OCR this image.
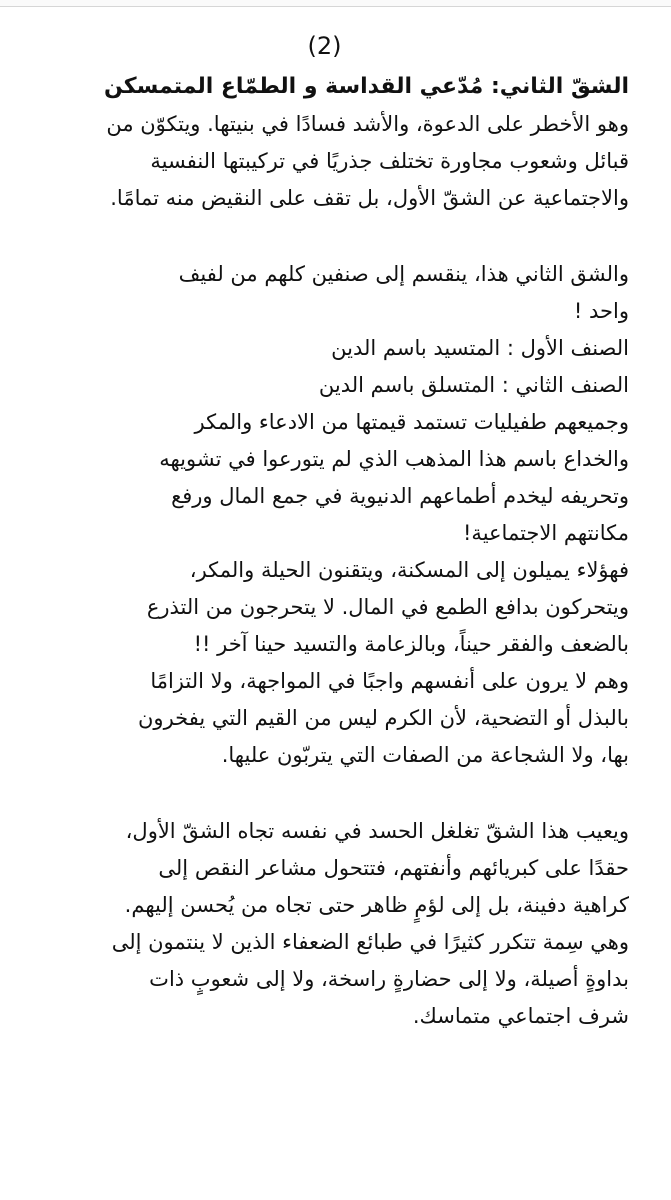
(2)

الشقّ الثاني: مُدّعي القداسة و الطمّاع المتمسكن

وهو الأخطر على الدعوة، والأشد فسادًا في بنيتها. ويتكوّن من

قبائل وشعوب مجاورة تختلف جذريًا في تركيبتها النفسية

والاجتماعية عن الشقّ الأول، بل تقف على النقيض منه تمامًا.

والشق الثاني هذا، ينقسم إلى صنفين كلهم من لفيف

واحد !

الصنف الأول : المتسيد باسم الدين

الصنف الثاني : المتسلق باسم الدين

وجميعهم طفيليات تستمد قيمتها من الادعاء والمكر

والخداع باسم هذا المذهب الذي لم يتورعوا في تشويهه

وتحريفه ليخدم أطماعهم الدنيوية في جمع المال ورفع

مكانتهم الاجتماعية!

فهؤلاء يميلون إلى المسكنة، ويتقنون الحيلة والمكر،

ويتحركون بدافع الطمع في المال. لا يتحرجون من التذرع

بالضعف والفقر حيناً، وبالزعامة والتسيد حينا آخر !!

وهم لا يرون على أنفسهم واجبًا في المواجهة، ولا التزامًا

بالبذل أو التضحية، لأن الكرم ليس من القيم التي يفخرون

بها، ولا الشجاعة من الصفات التي يتربّون عليها.

ويعيب هذا الشقّ تغلغل الحسد في نفسه تجاه الشقّ الأول،

حقدًا على كبريائهم وأنفتهم، فتتحول مشاعر النقص إلى

كراهية دفينة، بل إلى لؤمٍ ظاهر حتى تجاه من يُحسن إليهم.

وهي سِمة تتكرر كثيرًا في طبائع الضعفاء الذين لا ينتمون إلى

بداوةٍ أصيلة، ولا إلى حضارةٍ راسخة، ولا إلى شعوبٍ ذات

شرف اجتماعي متماسك.
